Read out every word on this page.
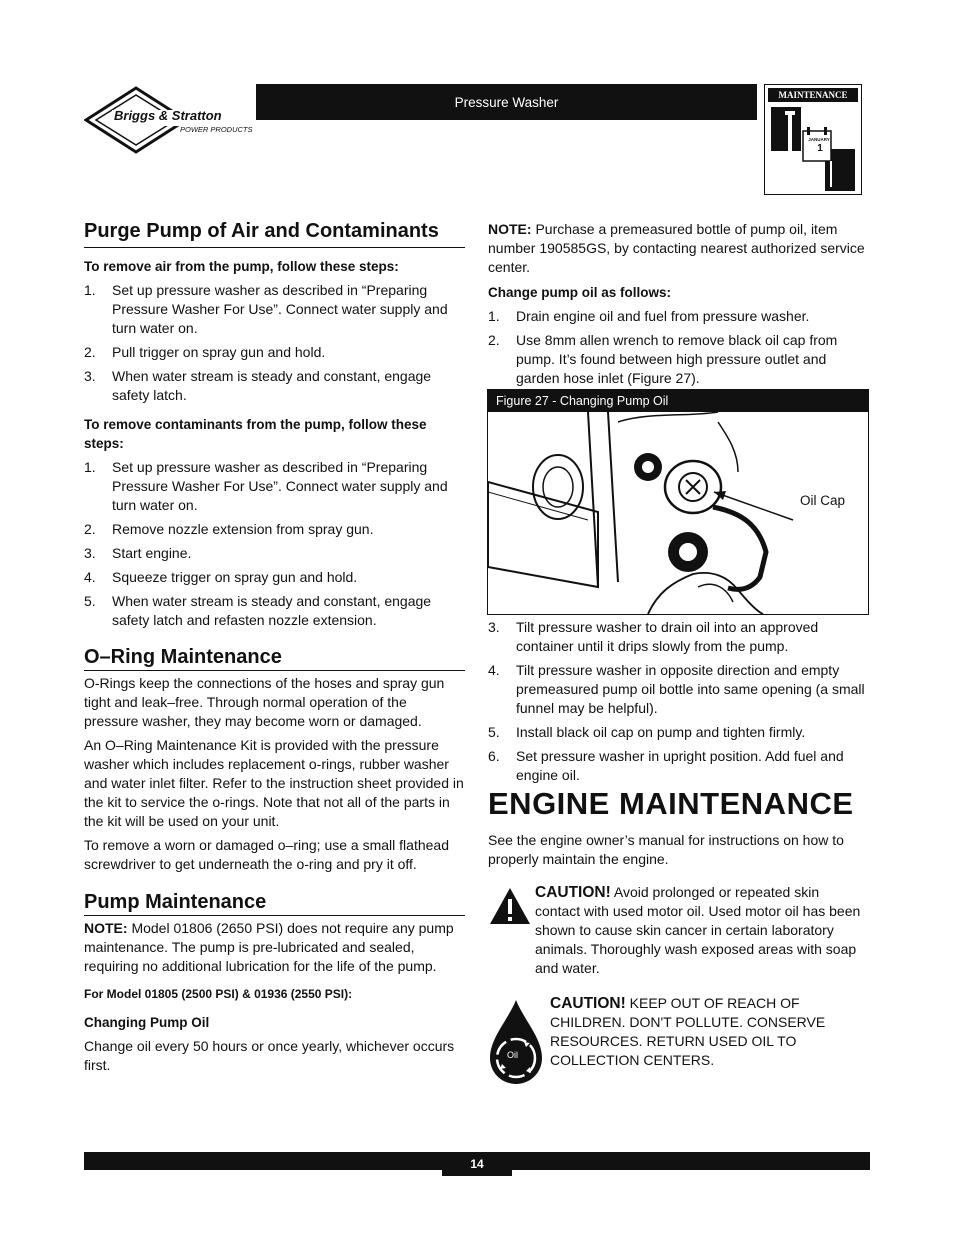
Briggs & Stratton
POWER PRODUCTS
Pressure Washer	MAINTENANCE
JANUARY
1
Purge Pump of Air and Contaminants

To remove air from the pump, follow these steps:

1.	Set up pressure washer as described in “Preparing Pressure Washer For Use”. Connect water supply and turn water on.
2.	Pull trigger on spray gun and hold.
3.	When water stream is steady and constant, engage safety latch.

To remove contaminants from the pump, follow these steps:

1.	Set up pressure washer as described in “Preparing Pressure Washer For Use”. Connect water supply and turn water on.
2.	Remove nozzle extension from spray gun.
3.	Start engine.
4.	Squeeze trigger on spray gun and hold.
5.	When water stream is steady and constant, engage safety latch and refasten nozzle extension.
O–Ring Maintenance

O-Rings keep the connections of the hoses and spray gun tight and leak–free. Through normal operation of the pressure washer, they may become worn or damaged.

An O–Ring Maintenance Kit is provided with the pressure washer which includes replacement o-rings, rubber washer and water inlet filter. Refer to the instruction sheet provided in the kit to service the o-rings. Note that not all of the parts in the kit will be used on your unit.

To remove a worn or damaged o–ring; use a small flathead screwdriver to get underneath the o-ring and pry it off.

Pump Maintenance

NOTE: Model 01806 (2650 PSI) does not require any pump maintenance. The pump is pre-lubricated and sealed, requiring no additional lubrication for the life of the pump.

For Model 01805 (2500 PSI) & 01936 (2550 PSI):

Changing Pump Oil

Change oil every 50 hours or once yearly, whichever occurs first.

NOTE: Purchase a premeasured bottle of pump oil, item number 190585GS, by contacting nearest authorized service center.

Change pump oil as follows:

1.	Drain engine oil and fuel from pressure washer.
2.	Use 8mm allen wrench to remove black oil cap from pump. It’s found between high pressure outlet and garden hose inlet (Figure 27).
Figure 27 - Changing Pump Oil
Oil Cap
3.	Tilt pressure washer to drain oil into an approved container until it drips slowly from the pump.
4.	Tilt pressure washer in opposite direction and empty premeasured pump oil bottle into same opening (a small funnel may be helpful).
5.	Install black oil cap on pump and tighten firmly.
6.	Set pressure washer in upright position. Add fuel and engine oil.
ENGINE MAINTENANCE

See the engine owner’s manual for instructions on how to properly maintain the engine.

CAUTION! Avoid prolonged or repeated skin contact with used motor oil. Used motor oil has been shown to cause skin cancer in certain laboratory animals. Thoroughly wash exposed areas with soap and water.

Oil

CAUTION! KEEP OUT OF REACH OF CHILDREN. DON'T POLLUTE. CONSERVE RESOURCES. RETURN USED OIL TO COLLECTION CENTERS.

14
